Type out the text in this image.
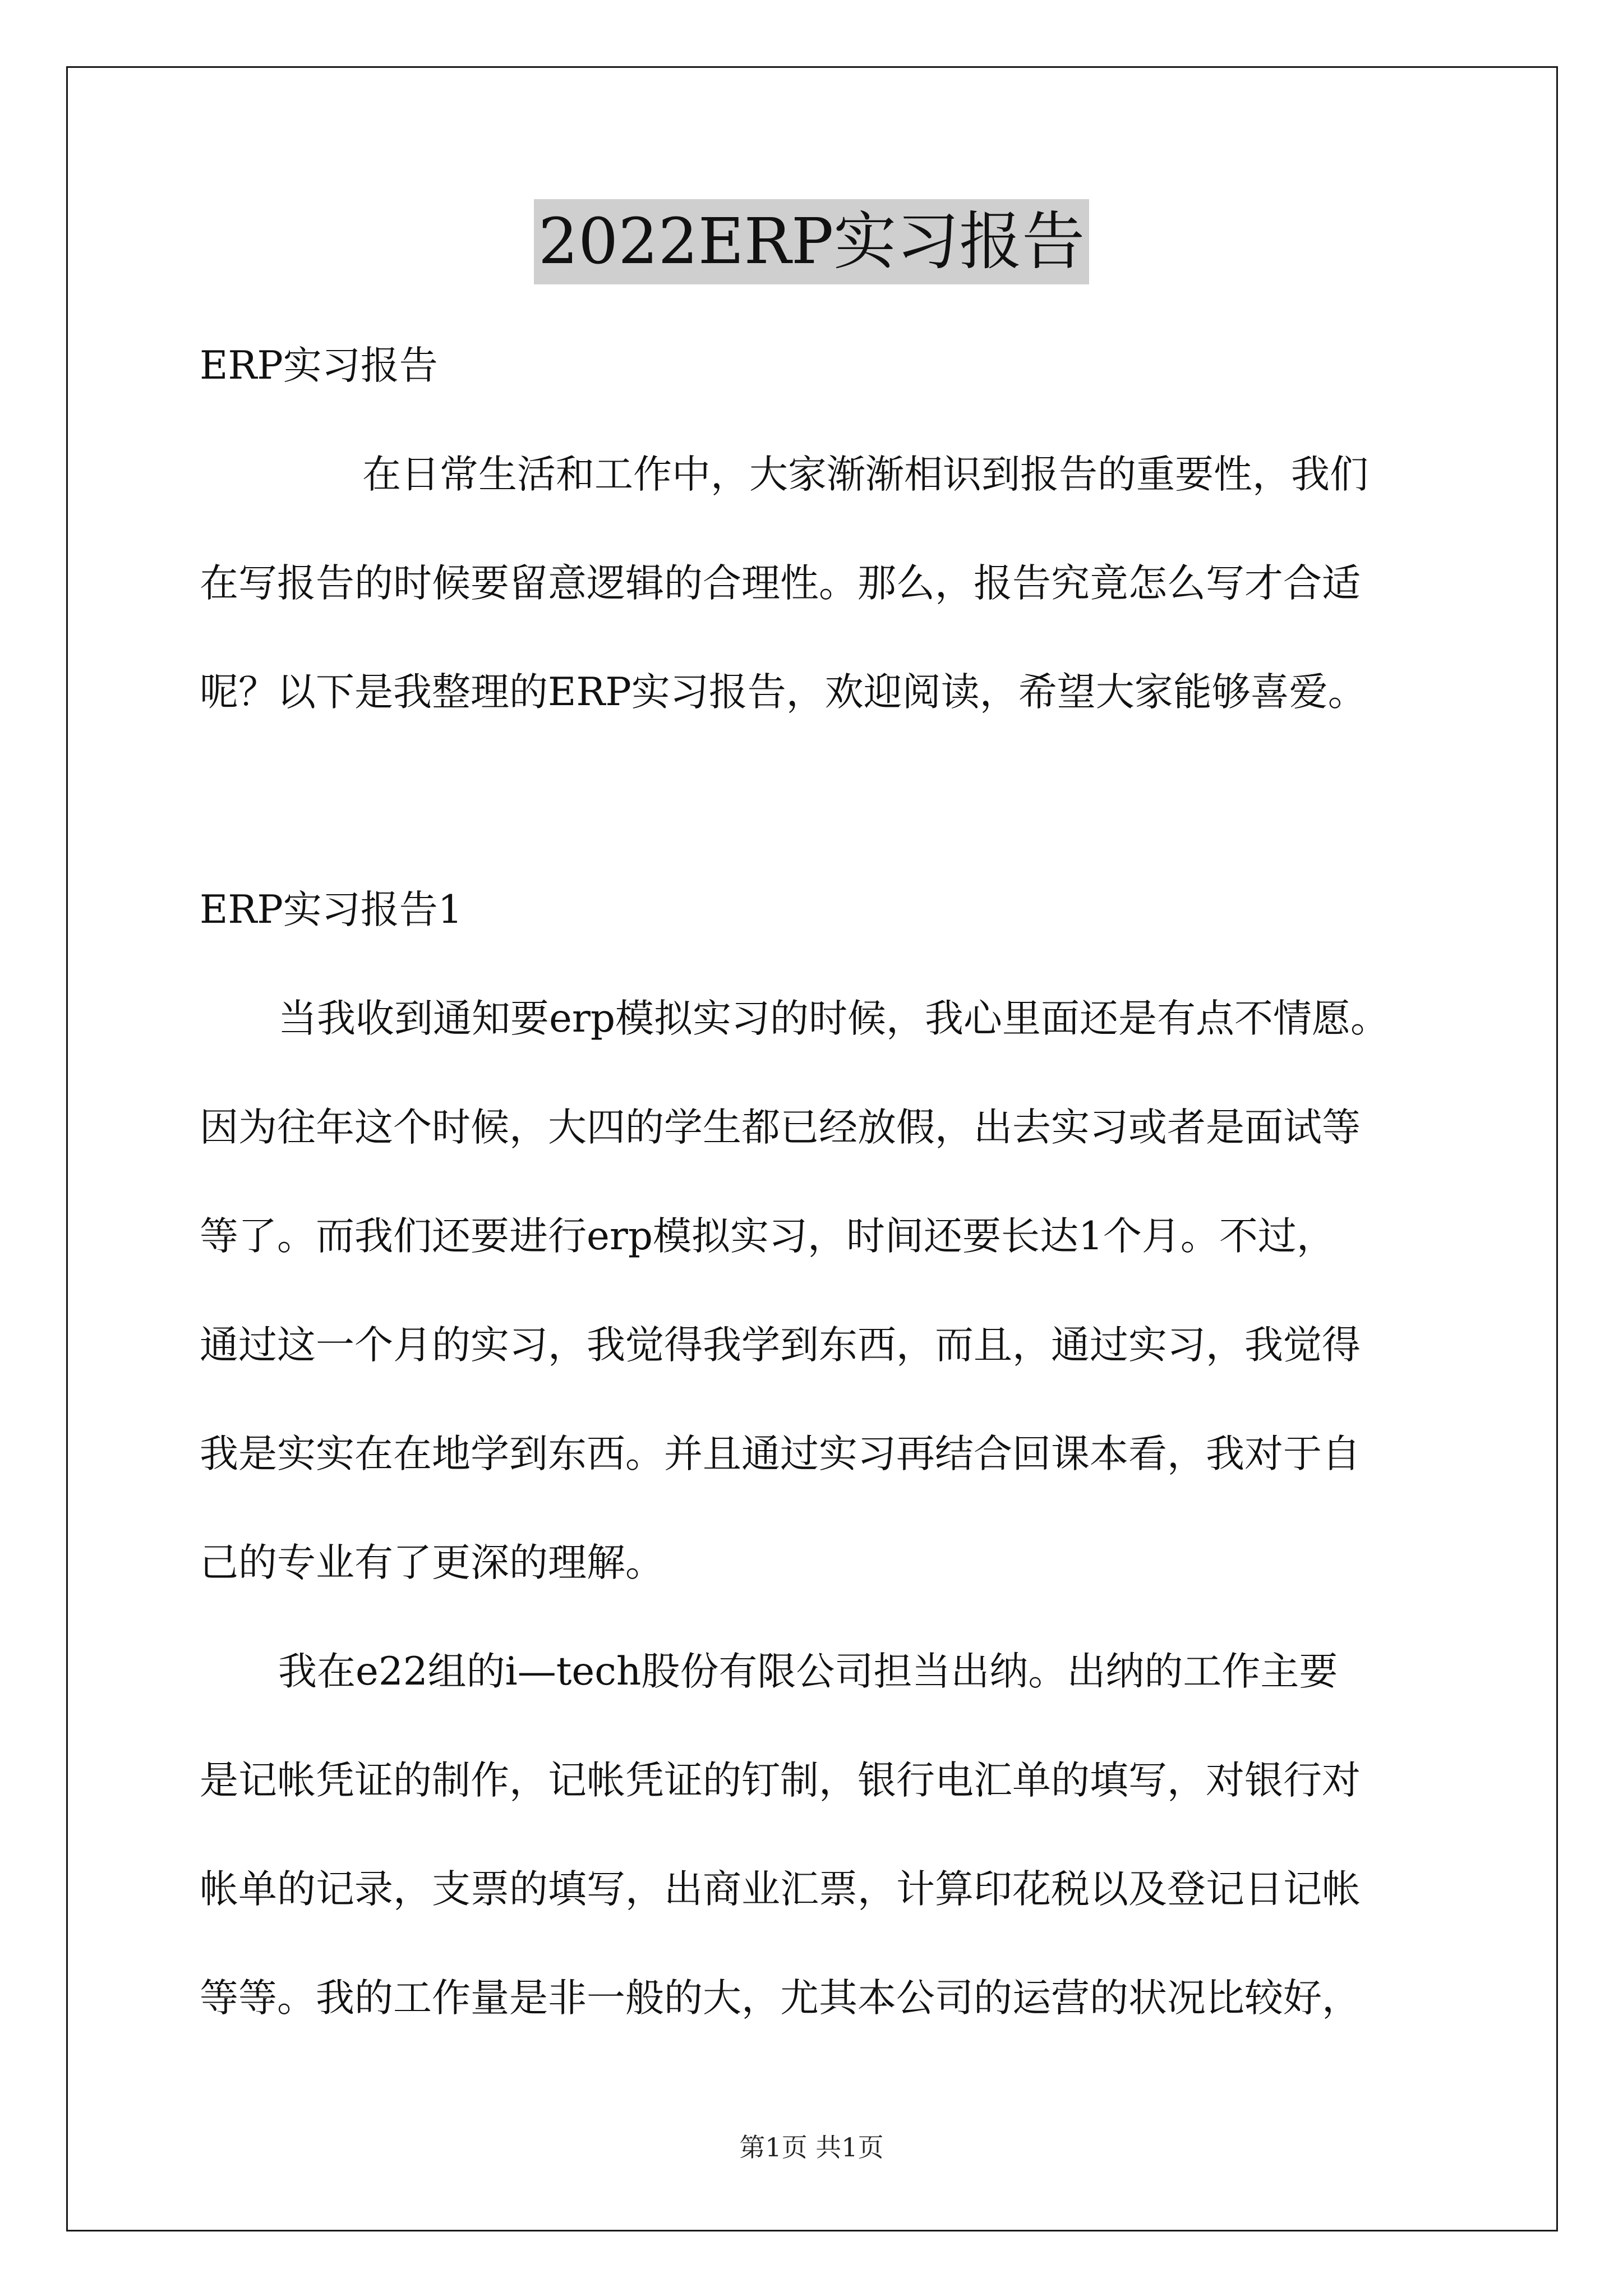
2022ERP实习报告

ERP实习报告

在日常生活和工作中，大家渐渐相识到报告的重要性，我们

在写报告的时候要留意逻辑的合理性。那么，报告究竟怎么写才合适

呢？以下是我整理的ERP实习报告，欢迎阅读，希望大家能够喜爱。

ERP实习报告1

当我收到通知要erp模拟实习的时候，我心里面还是有点不情愿。

因为往年这个时候，大四的学生都已经放假，出去实习或者是面试等

等了。而我们还要进行erp模拟实习，时间还要长达1个月。不过，

通过这一个月的实习，我觉得我学到东西，而且，通过实习，我觉得

我是实实在在地学到东西。并且通过实习再结合回课本看，我对于自

己的专业有了更深的理解。

我在e22组的i—tech股份有限公司担当出纳。出纳的工作主要

是记帐凭证的制作，记帐凭证的钉制，银行电汇单的填写，对银行对

帐单的记录，支票的填写，出商业汇票，计算印花税以及登记日记帐

等等。我的工作量是非一般的大，尤其本公司的运营的状况比较好，

第1页 共1页
